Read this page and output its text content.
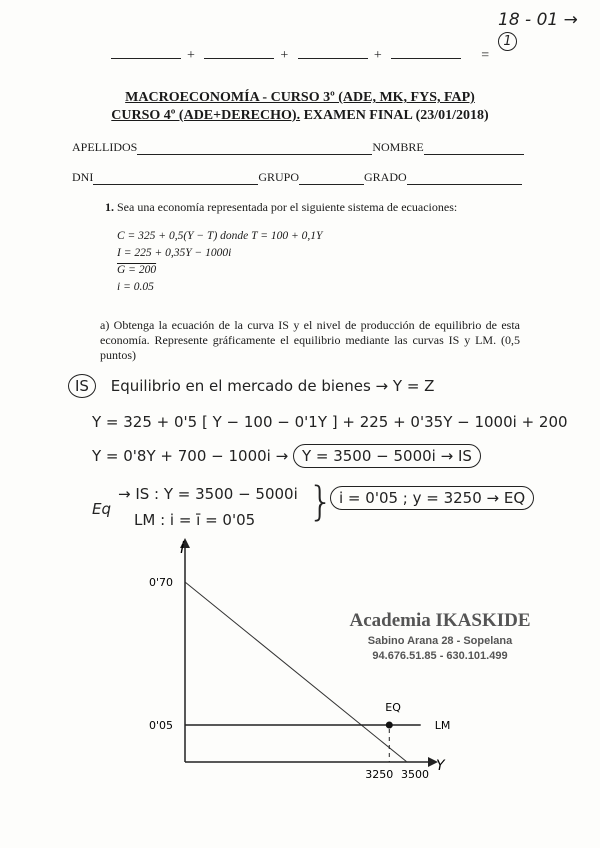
18 - 01 → 1
+	+	+	=
MACROECONOMÍA - CURSO 3º (ADE, MK, FYS, FAP)
CURSO 4º (ADE+DERECHO). EXAMEN FINAL (23/01/2018)
APELLIDOS	NOMBRE
DNI	GRUPO	GRADO
1. Sea una economía representada por el siguiente sistema de ecuaciones:
C = 325 + 0,5(Y − T) donde T = 100 + 0,1Y
I = 225 + 0,35Y − 1000i
G = 200
i = 0.05
a) Obtenga la ecuación de la curva IS y el nivel de producción de equilibrio de esta economía. Represente gráficamente el equilibrio mediante las curvas IS y LM. (0,5 puntos)
IS Equilibrio en el mercado de bienes → Y = Z
Y = 325 + 0'5 [ Y − 100 − 0'1Y ] + 225 + 0'35Y − 1000i + 200
Y = 0'8Y + 700 − 1000i → Y = 3500 − 5000i → IS
Eq
→ IS : Y = 3500 − 5000i
LM : i = ī = 0'05 } i = 0'05 ; y = 3250 → EQ
i
Y
EQ
LM
0'70
0'05
3250 3500
Academia IKASKIDE
Sabino Arana 28 - Sopelana
94.676.51.85 - 630.101.499
